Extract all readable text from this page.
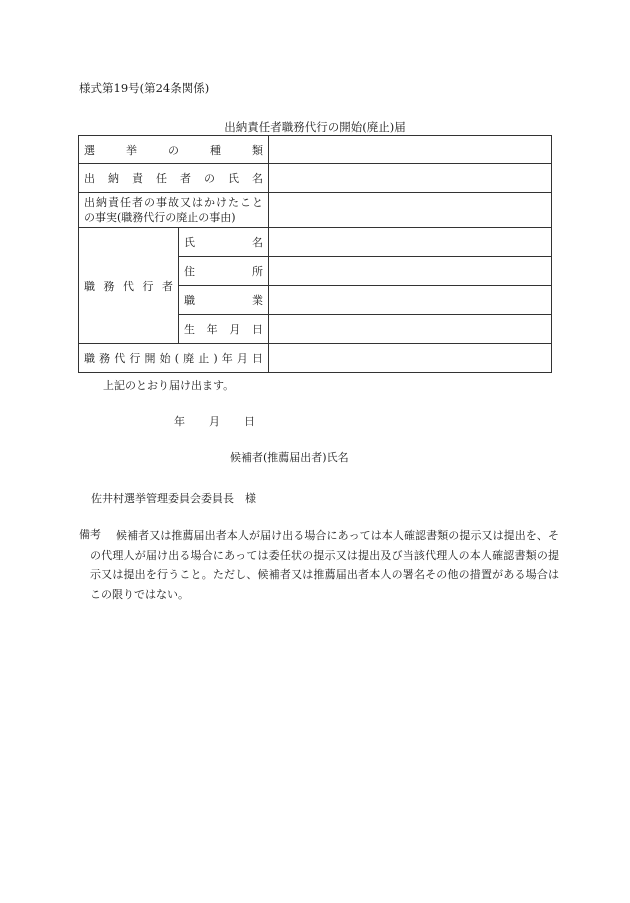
様式第19号(第24条関係)
出納責任者職務代行の開始(廃止)届
選挙の種類		
出納責任者の氏名		

出納責任者の事故又はかけたこと
の事実(職務代行の廃止の事由)		

職務代行者	氏名	
	住所	
	職業	
	生年月日	
職務代行開始(廃止)年月日		
上記のとおり届け出ます。
年 月 日
候補者(推薦届出者)氏名
佐井村選挙管理委員会委員長　様
備考	候補者又は推薦届出者本人が届け出る場合にあっては本人確認書類の提示又は提出を、その代理人が届け出る場合にあっては委任状の提示又は提出及び当該代理人の本人確認書類の提示又は提出を行うこと。ただし、候補者又は推薦届出者本人の署名その他の措置がある場合はこの限りではない。
